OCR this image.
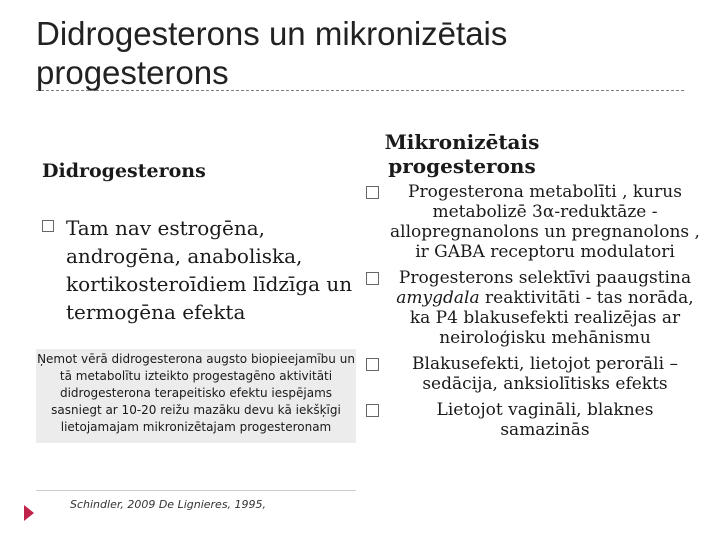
Didrogesterons un mikronizētais progesterons
Didrogesterons
Tam nav estrogēna, androgēna, anaboliska, kortikosteroīdiem līdzīga un termogēna efekta
Ņemot vērā didrogesterona augsto biopieejamību un tā metabolītu izteikto progestagēno aktivitāti didrogesterona terapeitisko efektu iespējams sasniegt ar 10-20 reižu mazāku devu kā iekšķīgi lietojamajam mikronizētajam progesteronam
Schindler, 2009 De Lignieres, 1995,
Mikronizētais progesterons
Progesterona metabolīti , kurus metabolizē 3α-reduktāze -allopregnanolons un pregnanolons , ir GABA receptoru modulatori
Progesterons selektīvi paaugstina amygdala reaktivitāti - tas norāda, ka P4 blakusefekti realizējas ar neiroloģisku mehānismu
Blakusefekti, lietojot perorāli – sedācija, anksiolītisks efekts
Lietojot vagināli, blaknes samazinās
